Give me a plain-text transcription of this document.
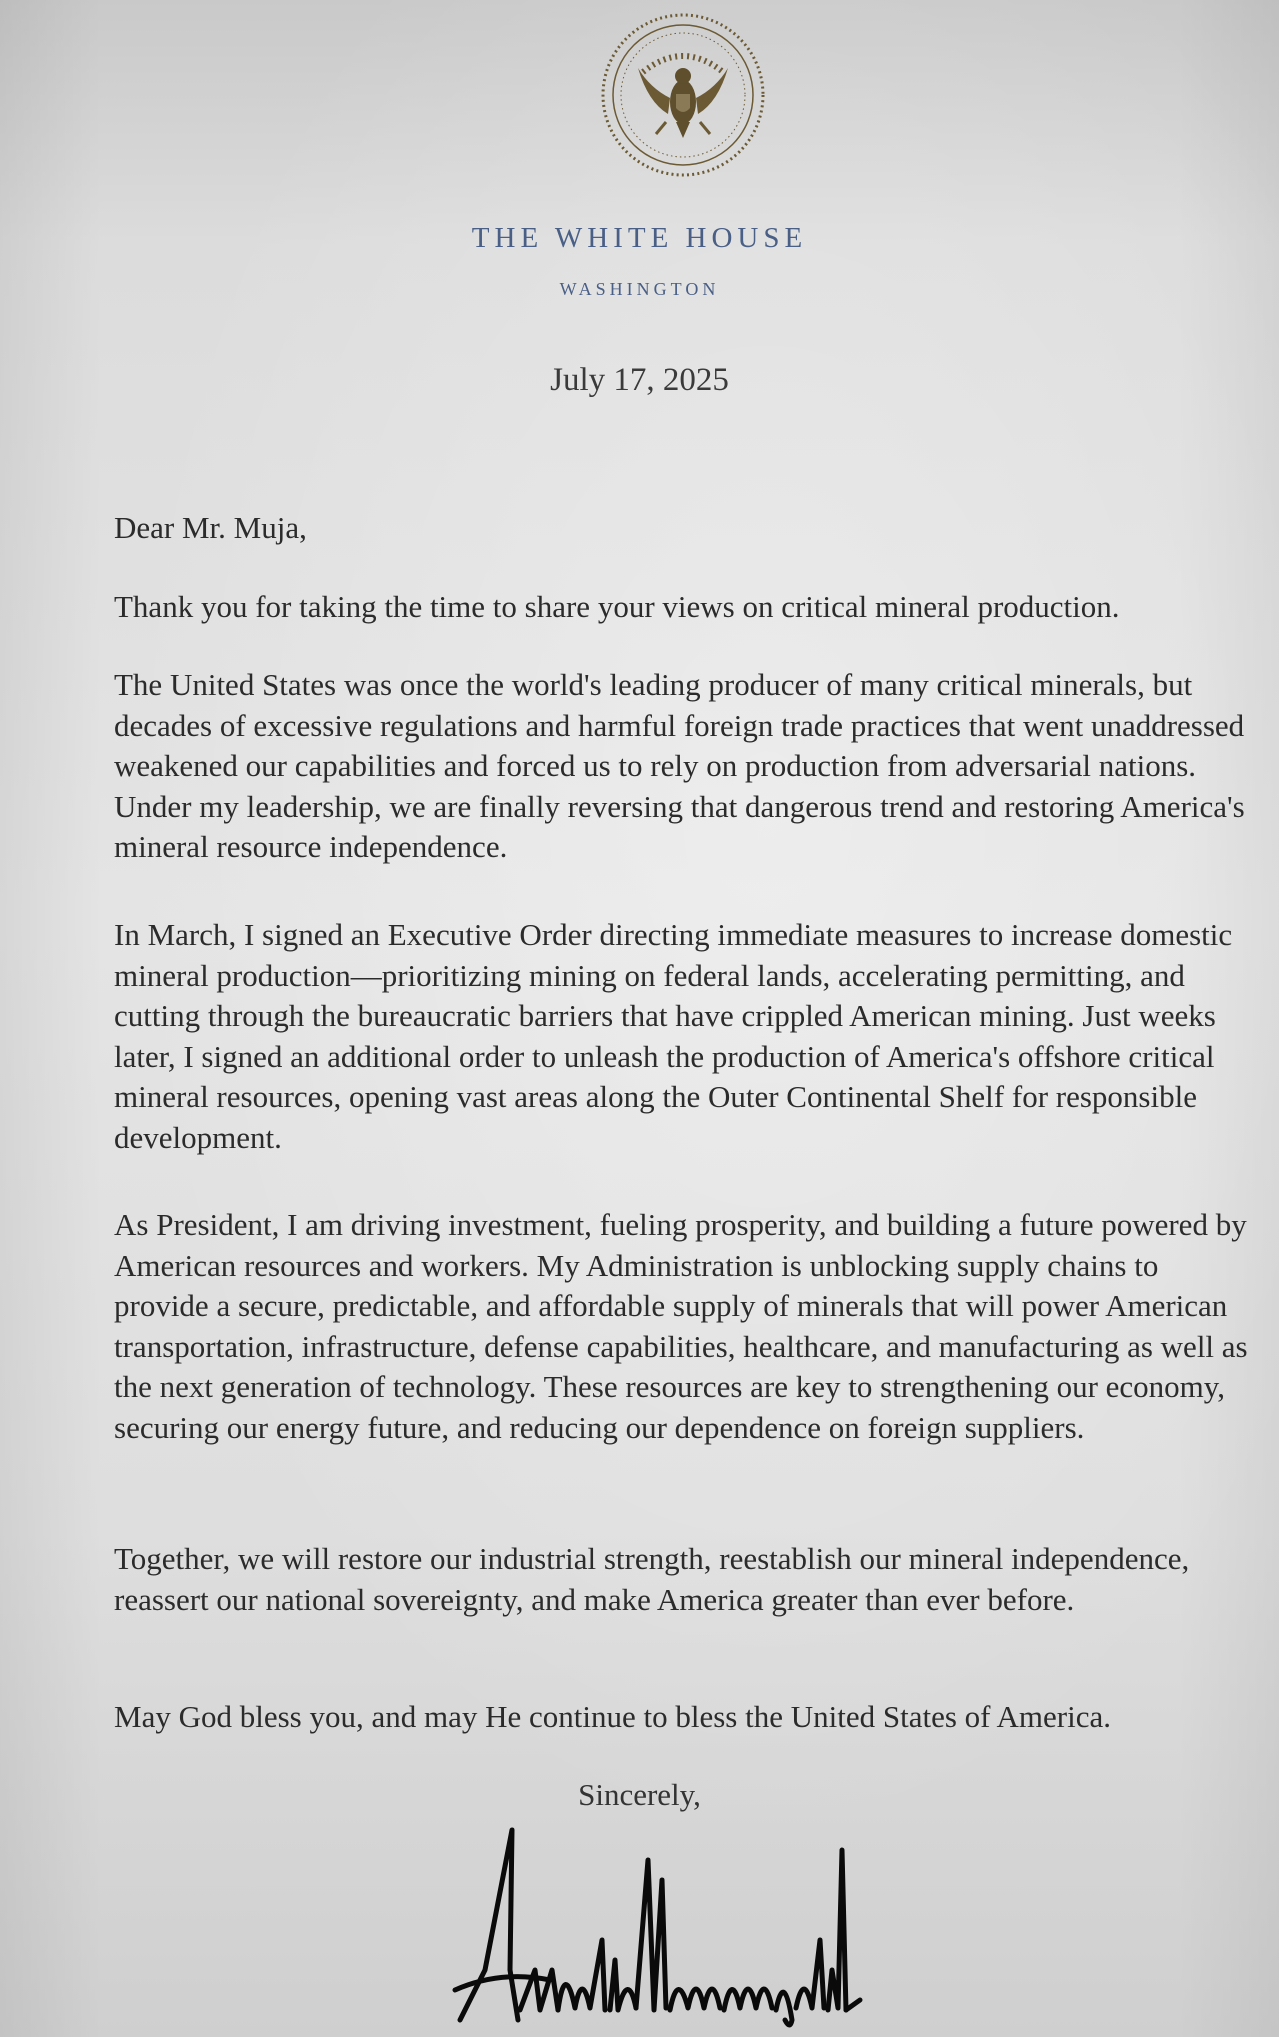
THE WHITE HOUSE
WASHINGTON
July 17, 2025
Dear Mr. Muja,
Thank you for taking the time to share your views on critical mineral production.
The United States was once the world's leading producer of many critical minerals, but decades of excessive regulations and harmful foreign trade practices that went unaddressed weakened our capabilities and forced us to rely on production from adversarial nations. Under my leadership, we are finally reversing that dangerous trend and restoring America's mineral resource independence.
In March, I signed an Executive Order directing immediate measures to increase domestic mineral production—prioritizing mining on federal lands, accelerating permitting, and cutting through the bureaucratic barriers that have crippled American mining. Just weeks later, I signed an additional order to unleash the production of America's offshore critical mineral resources, opening vast areas along the Outer Continental Shelf for responsible development.
As President, I am driving investment, fueling prosperity, and building a future powered by American resources and workers. My Administration is unblocking supply chains to provide a secure, predictable, and affordable supply of minerals that will power American transportation, infrastructure, defense capabilities, healthcare, and manufacturing as well as the next generation of technology. These resources are key to strengthening our economy, securing our energy future, and reducing our dependence on foreign suppliers.
Together, we will restore our industrial strength, reestablish our mineral independence, reassert our national sovereignty, and make America greater than ever before.
May God bless you, and may He continue to bless the United States of America.
Sincerely,
